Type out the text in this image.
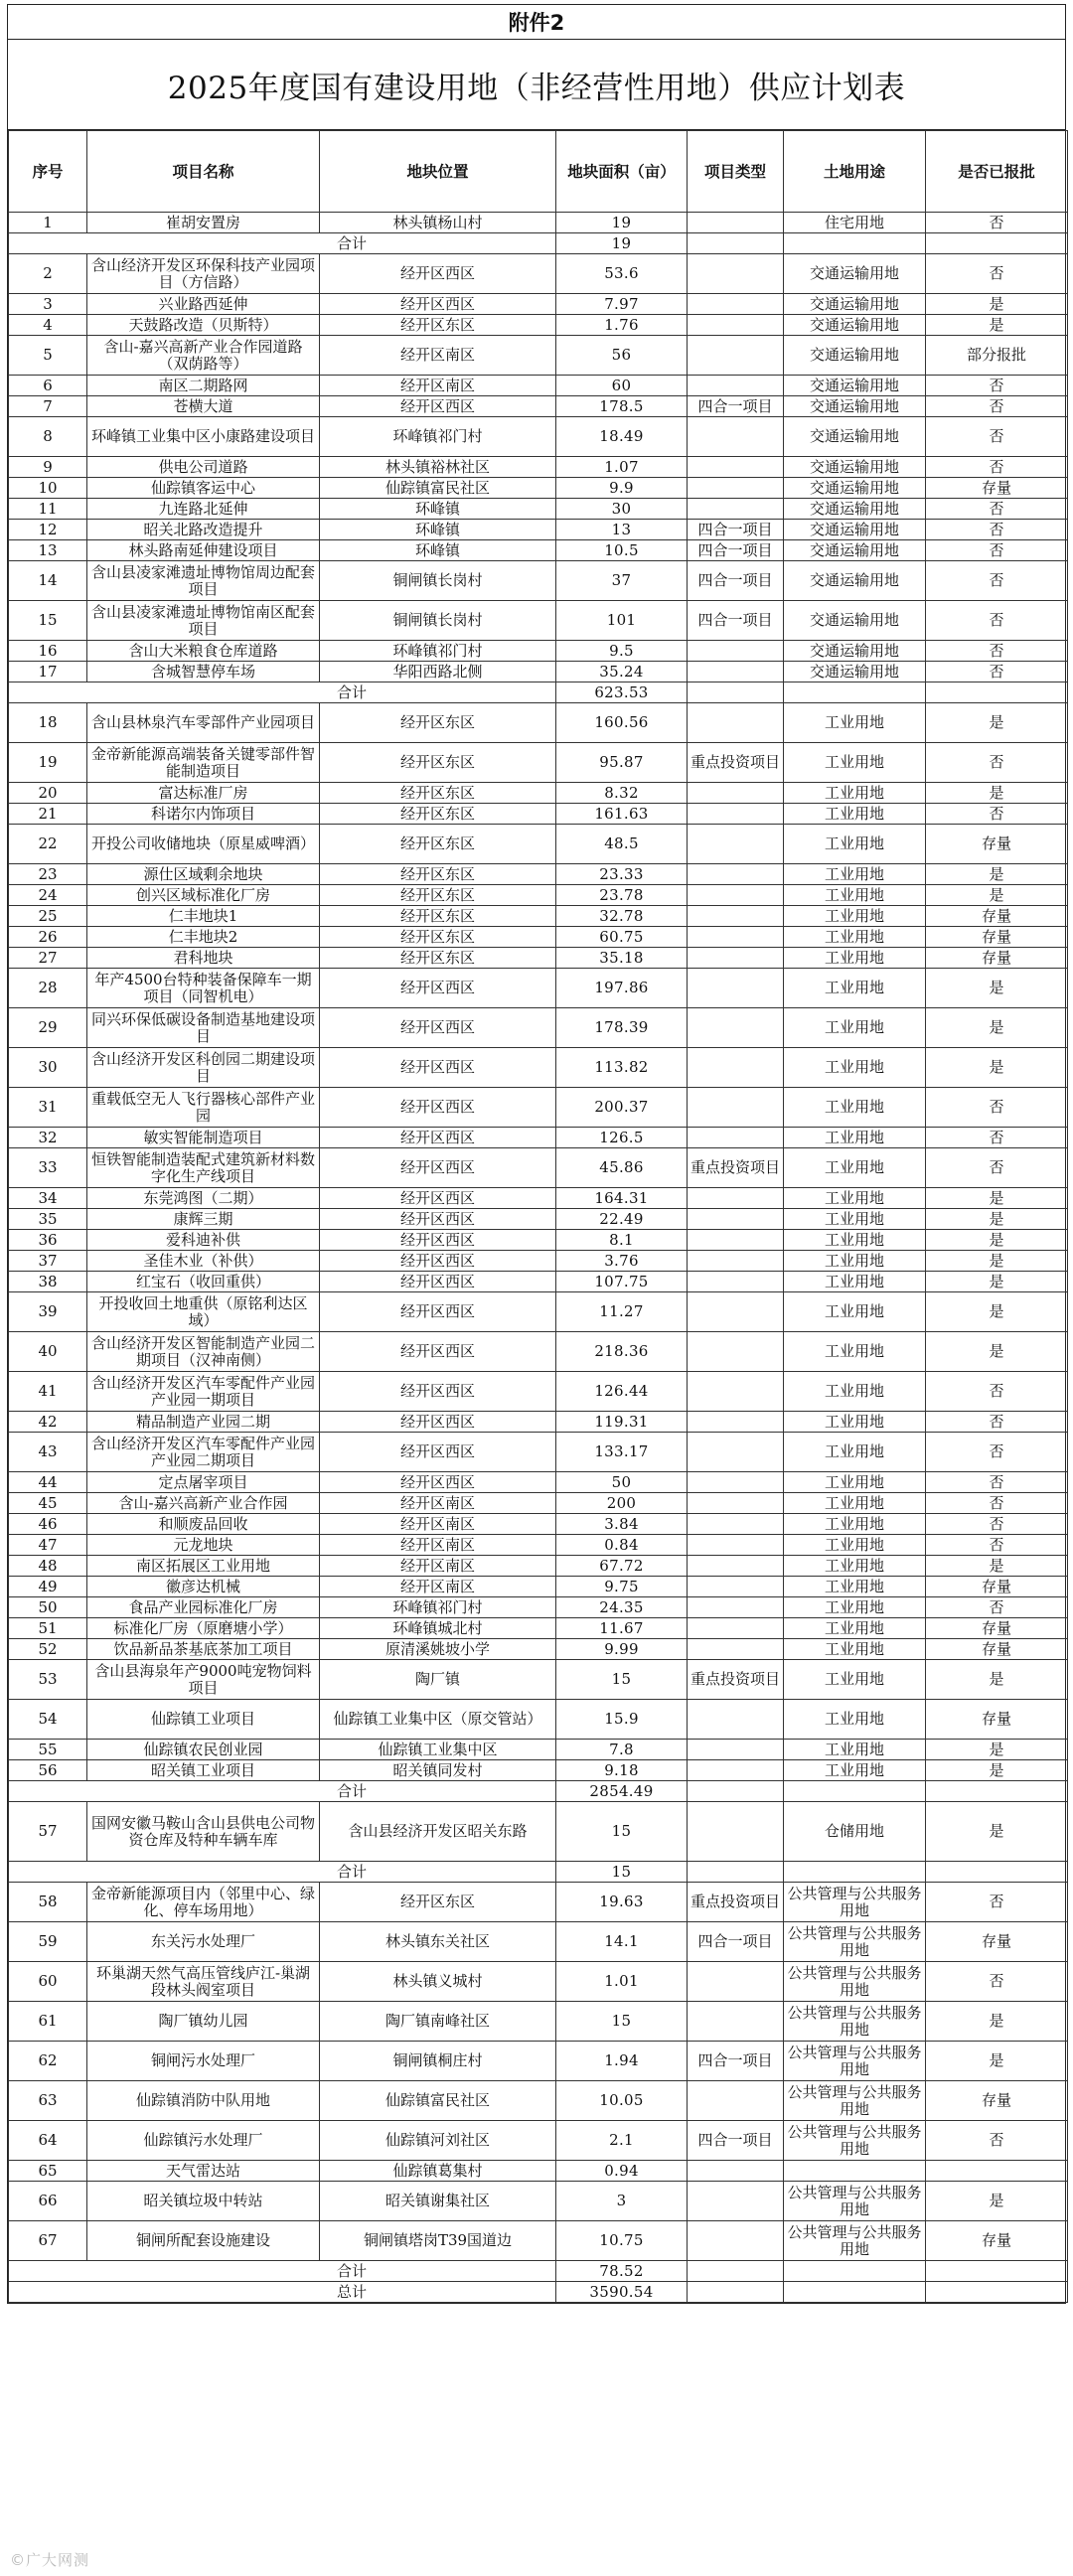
附件2
2025年度国有建设用地（非经营性用地）供应计划表
序号	项目名称	地块位置	地块面积（亩）	项目类型	土地用途	是否已报批
1	崔胡安置房	林头镇杨山村	19		住宅用地	否
合计			19			
2	含山经济开发区环保科技产业园项目（方信路）	经开区西区	53.6		交通运输用地	否
3	兴业路西延伸	经开区西区	7.97		交通运输用地	是
4	天鼓路改造（贝斯特）	经开区东区	1.76		交通运输用地	是
5	含山-嘉兴高新产业合作园道路（双荫路等）	经开区南区	56		交通运输用地	部分报批
6	南区二期路网	经开区南区	60		交通运输用地	否
7	苍横大道	经开区西区	178.5	四合一项目	交通运输用地	否
8	环峰镇工业集中区小康路建设项目	环峰镇祁门村	18.49		交通运输用地	否
9	供电公司道路	林头镇裕林社区	1.07		交通运输用地	否
10	仙踪镇客运中心	仙踪镇富民社区	9.9		交通运输用地	存量
11	九连路北延伸	环峰镇	30		交通运输用地	否
12	昭关北路改造提升	环峰镇	13	四合一项目	交通运输用地	否
13	林头路南延伸建设项目	环峰镇	10.5	四合一项目	交通运输用地	否
14	含山县凌家滩遗址博物馆周边配套项目	铜闸镇长岗村	37	四合一项目	交通运输用地	否
15	含山县凌家滩遗址博物馆南区配套项目	铜闸镇长岗村	101	四合一项目	交通运输用地	否
16	含山大米粮食仓库道路	环峰镇祁门村	9.5		交通运输用地	否
17	含城智慧停车场	华阳西路北侧	35.24		交通运输用地	否
合计			623.53			
18	含山县林泉汽车零部件产业园项目	经开区东区	160.56		工业用地	是
19	金帝新能源高端装备关键零部件智能制造项目	经开区东区	95.87	重点投资项目	工业用地	否
20	富达标准厂房	经开区东区	8.32		工业用地	是
21	科诺尔内饰项目	经开区东区	161.63		工业用地	否
22	开投公司收储地块（原星威啤酒）	经开区东区	48.5		工业用地	存量
23	源仕区域剩余地块	经开区东区	23.33		工业用地	是
24	创兴区域标准化厂房	经开区东区	23.78		工业用地	是
25	仁丰地块1	经开区东区	32.78		工业用地	存量
26	仁丰地块2	经开区东区	60.75		工业用地	存量
27	君科地块	经开区东区	35.18		工业用地	存量
28	年产4500台特种装备保障车一期项目（同智机电）	经开区西区	197.86		工业用地	是
29	同兴环保低碳设备制造基地建设项目	经开区西区	178.39		工业用地	是
30	含山经济开发区科创园二期建设项目	经开区西区	113.82		工业用地	是
31	重载低空无人飞行器核心部件产业园	经开区西区	200.37		工业用地	否
32	敏实智能制造项目	经开区西区	126.5		工业用地	否
33	恒铁智能制造装配式建筑新材料数字化生产线项目	经开区西区	45.86	重点投资项目	工业用地	否
34	东莞鸿图（二期）	经开区西区	164.31		工业用地	是
35	康辉三期	经开区西区	22.49		工业用地	是
36	爱科迪补供	经开区西区	8.1		工业用地	是
37	圣佳木业（补供）	经开区西区	3.76		工业用地	是
38	红宝石（收回重供）	经开区西区	107.75		工业用地	是
39	开投收回土地重供（原铭利达区域）	经开区西区	11.27		工业用地	是
40	含山经济开发区智能制造产业园二期项目（汉神南侧）	经开区西区	218.36		工业用地	是
41	含山经济开发区汽车零配件产业园产业园一期项目	经开区西区	126.44		工业用地	否
42	精品制造产业园二期	经开区西区	119.31		工业用地	否
43	含山经济开发区汽车零配件产业园产业园二期项目	经开区西区	133.17		工业用地	否
44	定点屠宰项目	经开区西区	50		工业用地	否
45	含山-嘉兴高新产业合作园	经开区南区	200		工业用地	否
46	和顺废品回收	经开区南区	3.84		工业用地	否
47	元龙地块	经开区南区	0.84		工业用地	否
48	南区拓展区工业用地	经开区南区	67.72		工业用地	是
49	徽彦达机械	经开区南区	9.75		工业用地	存量
50	食品产业园标准化厂房	环峰镇祁门村	24.35		工业用地	否
51	标准化厂房（原磨塘小学）	环峰镇城北村	11.67		工业用地	存量
52	饮品新品茶基底茶加工项目	原清溪姚坡小学	9.99		工业用地	存量
53	含山县海泉年产9000吨宠物饲料项目	陶厂镇	15	重点投资项目	工业用地	是
54	仙踪镇工业项目	仙踪镇工业集中区（原交管站）	15.9		工业用地	存量
55	仙踪镇农民创业园	仙踪镇工业集中区	7.8		工业用地	是
56	昭关镇工业项目	昭关镇同发村	9.18		工业用地	是
合计			2854.49			
57	国网安徽马鞍山含山县供电公司物资仓库及特种车辆车库	含山县经济开发区昭关东路	15		仓储用地	是
合计			15			
58	金帝新能源项目内（邻里中心、绿化、停车场用地）	经开区东区	19.63	重点投资项目	公共管理与公共服务用地	否
59	东关污水处理厂	林头镇东关社区	14.1	四合一项目	公共管理与公共服务用地	存量
60	环巢湖天然气高压管线庐江-巢湖段林头阀室项目	林头镇义城村	1.01		公共管理与公共服务用地	否
61	陶厂镇幼儿园	陶厂镇南峰社区	15		公共管理与公共服务用地	是
62	铜闸污水处理厂	铜闸镇桐庄村	1.94	四合一项目	公共管理与公共服务用地	是
63	仙踪镇消防中队用地	仙踪镇富民社区	10.05		公共管理与公共服务用地	存量
64	仙踪镇污水处理厂	仙踪镇河刘社区	2.1	四合一项目	公共管理与公共服务用地	否
65	天气雷达站	仙踪镇葛集村	0.94			
66	昭关镇垃圾中转站	昭关镇谢集社区	3		公共管理与公共服务用地	是
67	铜闸所配套设施建设	铜闸镇塔岗T39国道边	10.75		公共管理与公共服务用地	存量
合计			78.52			
总计			3590.54			
©广大网测
